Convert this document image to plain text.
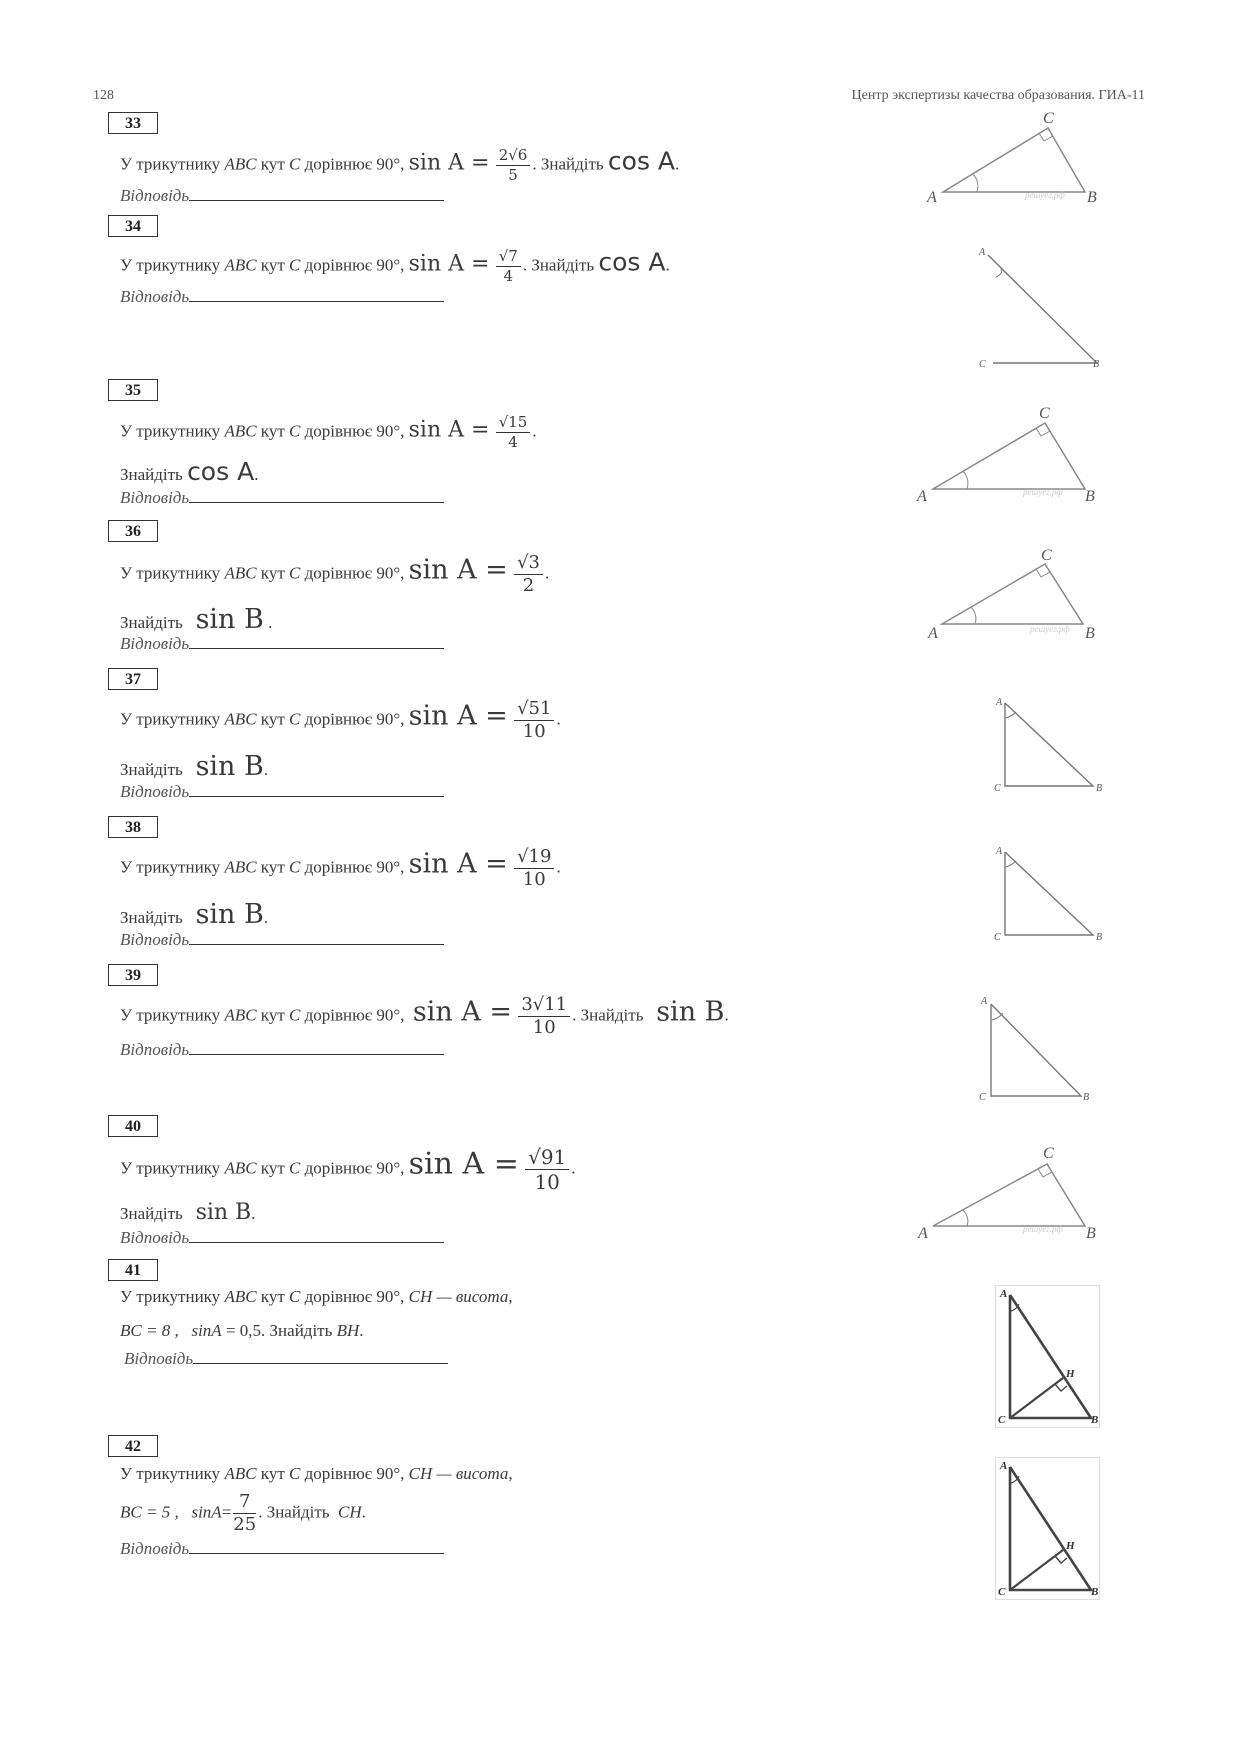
128	Центр экспертизы качества образования. ГИА-11
33
У трикутнику ABC кут C дорівнює 90°, $\sin A = \frac{2√6}{5}$ . Знайдіть cos A.
Відповідь
34
У трикутнику ABC кут C дорівнює 90°, $\sin A = \frac{√7}{4}$ . Знайдіть cos A.
Відповідь
35
У трикутнику ABC кут C дорівнює 90°, $\sin A = \frac{√15}{4}$ .
Знайдіть cos A.
Відповідь
36
У трикутнику ABC кут C дорівнює 90°, $\sin A = \frac{√3}{2}$ .
Знайдіть sin B .
Відповідь
37
У трикутнику ABC кут C дорівнює 90°, $\sin A = \frac{√51}{10}$ .
Знайдіть sin B.
Відповідь
38
У трикутнику ABC кут C дорівнює 90°, $\sin A = \frac{√19}{10}$ .
Знайдіть sin B.
Відповідь
39
У трикутнику ABC кут C дорівнює 90°, $\sin A = \frac{3√11}{10}$ . Знайдіть sin B.
Відповідь
40
У трикутнику ABC кут C дорівнює 90°, $\sin A = \frac{√91}{10}$ .
Знайдіть sin B.
Відповідь
41
У трикутнику ABC кут C дорівнює 90°, CH — висота,
BC = 8 , sinA = 0,5. Знайдіть BH.
Відповідь
42
У трикутнику ABC кут C дорівнює 90°, CH — висота,
BC = 5 , $\sin A= \frac{7}{25}$ . Знайдіть CH.
Відповідь
A
C
B
решуег.рф
A
C	B
A
C
B
решуег.рф
A
C
B
решуег.рф
A
C	B
A
C	B
A
C	B
A
C
B
решуег.рф
A
C
H
B
A
C
H
B
